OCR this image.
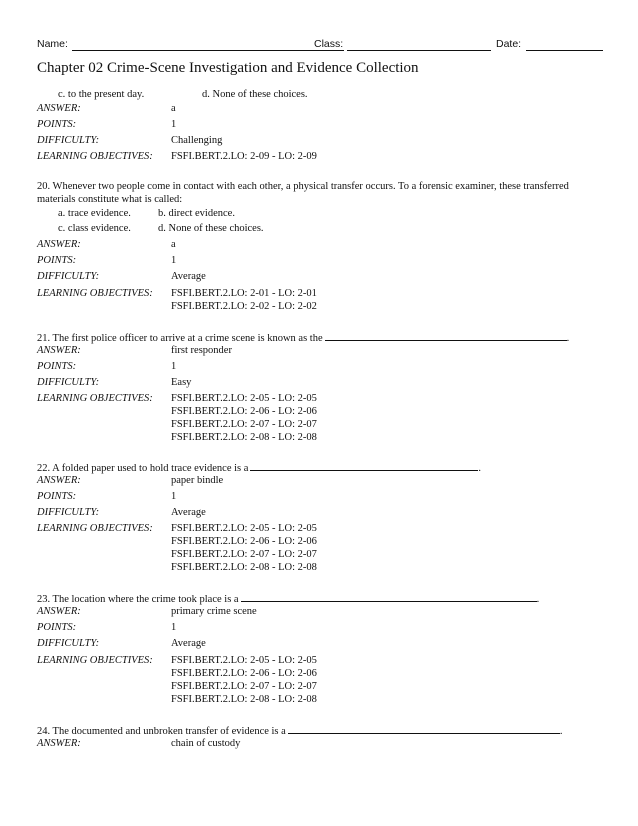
Name:	Class:	Date:
Chapter 02 Crime-Scene Investigation and Evidence Collection
c. to the present day.	d. None of these choices.
ANSWER:	a
POINTS:	1
DIFFICULTY:	Challenging
LEARNING OBJECTIVES: FSFI.BERT.2.LO: 2-09 - LO: 2-09
20. Whenever two people come in contact with each other, a physical transfer occurs. To a forensic examiner, these transferred materials constitute what is called:
a. trace evidence.	b. direct evidence.
c. class evidence.	d. None of these choices.
ANSWER:	a
POINTS:	1
DIFFICULTY:	Average
LEARNING OBJECTIVES: FSFI.BERT.2.LO: 2-01 - LO: 2-01
FSFI.BERT.2.LO: 2-02 - LO: 2-02
21. The first police officer to arrive at a crime scene is known as the	.
ANSWER:	first responder
POINTS:	1
DIFFICULTY:	Easy
LEARNING OBJECTIVES: FSFI.BERT.2.LO: 2-05 - LO: 2-05
FSFI.BERT.2.LO: 2-06 - LO: 2-06
FSFI.BERT.2.LO: 2-07 - LO: 2-07
FSFI.BERT.2.LO: 2-08 - LO: 2-08
22. A folded paper used to hold trace evidence is a	.
ANSWER:	paper bindle
POINTS:	1
DIFFICULTY:	Average
LEARNING OBJECTIVES: FSFI.BERT.2.LO: 2-05 - LO: 2-05
FSFI.BERT.2.LO: 2-06 - LO: 2-06
FSFI.BERT.2.LO: 2-07 - LO: 2-07
FSFI.BERT.2.LO: 2-08 - LO: 2-08
23. The location where the crime took place is a	.
ANSWER:	primary crime scene
POINTS:	1
DIFFICULTY:	Average
LEARNING OBJECTIVES: FSFI.BERT.2.LO: 2-05 - LO: 2-05
FSFI.BERT.2.LO: 2-06 - LO: 2-06
FSFI.BERT.2.LO: 2-07 - LO: 2-07
FSFI.BERT.2.LO: 2-08 - LO: 2-08
24. The documented and unbroken transfer of evidence is a	.
ANSWER:	chain of custody
